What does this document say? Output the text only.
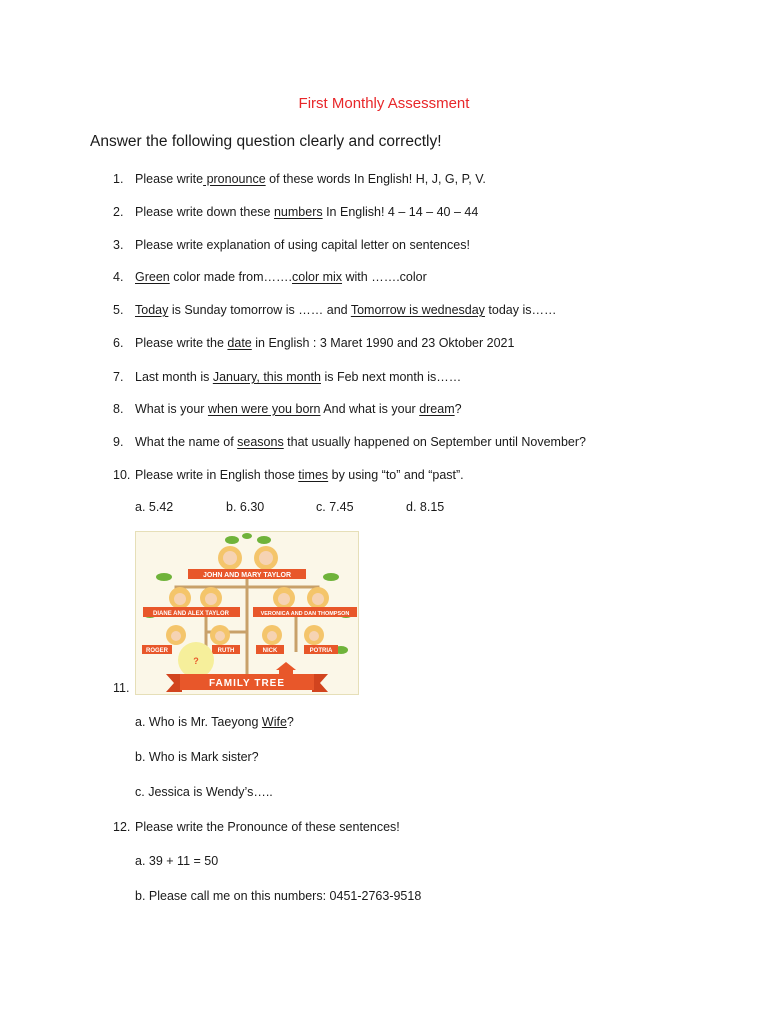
First Monthly Assessment
Answer the following question clearly and correctly!
1. Please write pronounce of these words In English! H, J, G, P, V.
2. Please write down these numbers In English! 4 – 14 – 40 – 44
3. Please write explanation of using capital letter on sentences!
4. Green color made from…….color mix with …….color
5. Today is Sunday tomorrow is …… and Tomorrow is wednesday today is……
6. Please write the date in English : 3 Maret 1990 and 23 Oktober 2021
7. Last month is January, this month is Feb next month is……
8. What is your when were you born And what is your dream?
9. What the name of seasons that usually happened on September until November?
10. Please write in English those times by using “to” and “past”.
a. 5.42	b. 6.30	c. 7.45	d. 8.15
JOHN AND MARY TAYLOR
DIANE AND ALEX TAYLOR	VERONICA AND DAN THOMPSON
ROGER	RUTH	NICK	POTRIA
?
FAMILY TREE
11.
a. Who is Mr. Taeyong Wife?
b. Who is Mark sister?
c. Jessica is Wendy’s…..
12. Please write the Pronounce of these sentences!
a. 39 + 11 = 50
b. Please call me on this numbers: 0451-2763-9518
